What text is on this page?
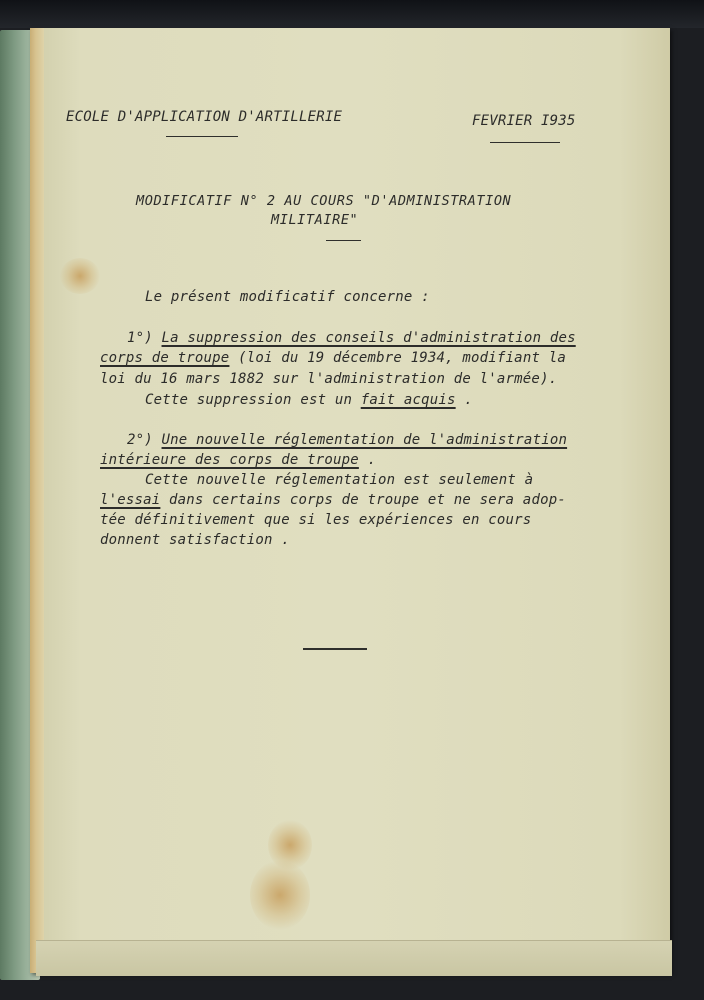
ECOLE D'APPLICATION D'ARTILLERIE	FEVRIER I935
MODIFICATIF N° 2 AU COURS "D'ADMINISTRATION
MILITAIRE"
Le présent modificatif concerne :
1°) La suppression des conseils d'administration des
corps de troupe (loi du 19 décembre 1934, modifiant la
loi du 16 mars 1882 sur l'administration de l'armée).
Cette suppression est un fait acquis .
2°) Une nouvelle réglementation de l'administration
intérieure des corps de troupe .
Cette nouvelle réglementation est seulement à
l'essai dans certains corps de troupe et ne sera adop-
tée définitivement que si les expériences en cours
donnent satisfaction .
